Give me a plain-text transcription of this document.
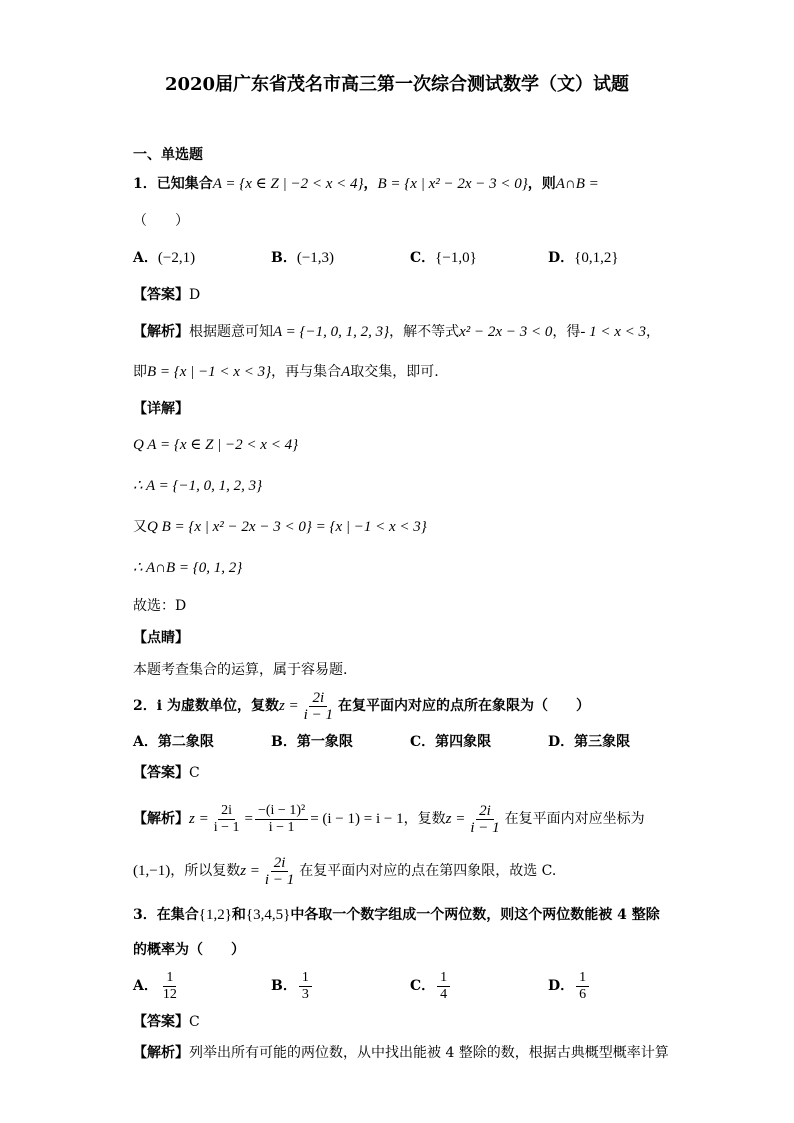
2020届广东省茂名市高三第一次综合测试数学（文）试题
一、单选题
1．已知集合A = {x ∈ Z | −2 < x < 4}，B = {x | x² − 2x − 3 < 0}，则A∩B =
（　　）
A．(−2,1)	B．(−1,3)	C．{−1,0}	D．{0,1,2}
【答案】D
【解析】根据题意可知A = {−1, 0, 1, 2, 3}，解不等式x² − 2x − 3 < 0，得- 1 < x < 3，
即B = {x | −1 < x < 3}，再与集合A取交集，即可.
【详解】
Q A = {x ∈ Z | −2 < x < 4}
∴ A = {−1, 0, 1, 2, 3}
又Q B = {x | x² − 2x − 3 < 0} = {x | −1 < x < 3}
∴ A∩B = {0, 1, 2}
故选：D
【点睛】
本题考查集合的运算，属于容易题.
2．i 为虚数单位，复数$z = \frac{2i}{i - 1}$ 在复平面内对应的点所在象限为（　　）
A．第二象限	B．第一象限	C．第四象限	D．第三象限
【答案】C
【解析】$z = \frac{2i}{i - 1} = \frac{\text{−(i − 1)²}}{i - 1} = (i - 1) = i - 1$，复数$z = \frac{2i}{i - 1}$ 在复平面内对应坐标为
(1,−1)，所以复数$z = \frac{2i}{i - 1}$ 在复平面内对应的点在第四象限，故选 C.
3．在集合{1,2}和{3,4,5}中各取一个数字组成一个两位数，则这个两位数能被 4 整除
的概率为（　　）
A． $\frac{1}{12}$	B． $\frac{1}{3}$	C． $\frac{1}{4}$	D． $\frac{1}{6}$
【答案】C
【解析】列举出所有可能的两位数，从中找出能被 4 整除的数，根据古典概型概率计算
